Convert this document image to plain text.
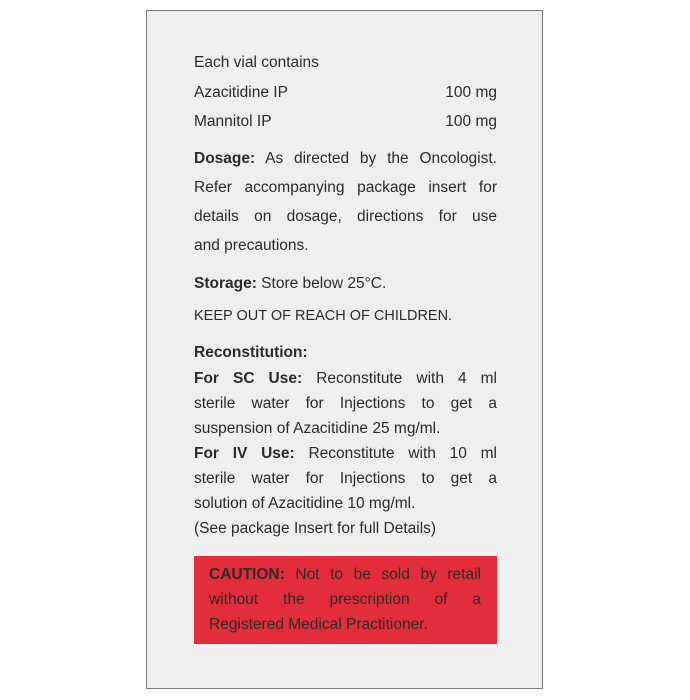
Each vial contains
Azacitidine IP	100 mg
Mannitol IP	100 mg
Dosage: As directed by the Oncologist.
Refer accompanying package insert for
details on dosage, directions for use
and precautions.
Storage: Store below 25°C.
KEEP OUT OF REACH OF CHILDREN.
Reconstitution:
For SC Use: Reconstitute with 4 ml
sterile water for Injections to get a
suspension of Azacitidine 25 mg/ml.
For IV Use: Reconstitute with 10 ml
sterile water for Injections to get a
solution of Azacitidine 10 mg/ml.
(See package Insert for full Details)
CAUTION: Not to be sold by retail
without the prescription of a
Registered Medical Practitioner.
